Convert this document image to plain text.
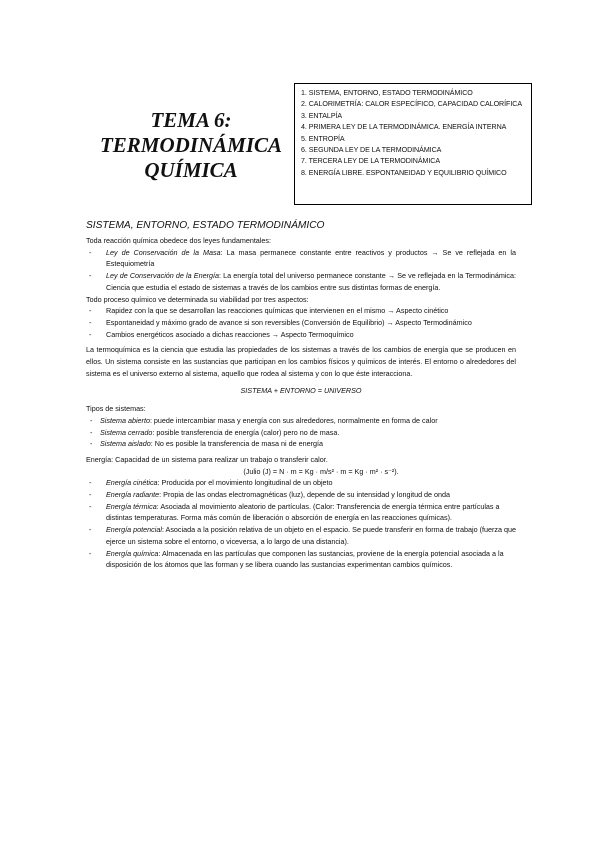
TEMA 6:
TERMODINÁMICA
QUÍMICA
1. SISTEMA, ENTORNO, ESTADO TERMODINÁMICO
2. CALORIMETRÍA: CALOR ESPECÍFICO, CAPACIDAD CALORÍFICA
3. ENTALPÍA
4. PRIMERA LEY DE LA TERMODINÁMICA. ENERGÍA INTERNA
5. ENTROPÍA
6. SEGUNDA LEY DE LA TERMODINÁMICA
7. TERCERA LEY DE LA TERMODINÁMICA
8. ENERGÍA LIBRE. ESPONTANEIDAD Y EQUILIBRIO QUÍMICO
SISTEMA, ENTORNO, ESTADO TERMODINÁMICO

Toda reacción química obedece dos leyes fundamentales:

- Ley de Conservación de la Masa: La masa permanece constante entre reactivos y productos → Se ve reflejada en la Estequiometría
- Ley de Conservación de la Energía: La energía total del universo permanece constante → Se ve reflejada en la Termodinámica: Ciencia que estudia el estado de sistemas a través de los cambios entre sus distintas formas de energía.

Todo proceso químico ve determinada su viabilidad por tres aspectos:

- Rapidez con la que se desarrollan las reacciones químicas que intervienen en el mismo → Aspecto cinético
- Espontaneidad y máximo grado de avance si son reversibles (Conversión de Equilibrio) → Aspecto Termodinámico
- Cambios energéticos asociado a dichas reacciones → Aspecto Termoquímico

La termoquímica es la ciencia que estudia las propiedades de los sistemas a través de los cambios de energía que se producen en ellos. Un sistema consiste en las sustancias que participan en los cambios físicos y químicos de interés. El entorno o alrededores del sistema es el universo externo al sistema, aquello que rodea al sistema y con lo que éste interacciona.

SISTEMA + ENTORNO = UNIVERSO

Tipos de sistemas:

- Sistema abierto: puede intercambiar masa y energía con sus alrededores, normalmente en forma de calor
- Sistema cerrado: posible transferencia de energía (calor) pero no de masa.
- Sistema aislado: No es posible la transferencia de masa ni de energía

Energía: Capacidad de un sistema para realizar un trabajo o transferir calor.

(Julio (J) = N · m = Kg · m/s² · m = Kg · m² · s⁻²).

- Energía cinética: Producida por el movimiento longitudinal de un objeto
- Energía radiante: Propia de las ondas electromagnéticas (luz), depende de su intensidad y longitud de onda
- Energía térmica: Asociada al movimiento aleatorio de partículas. (Calor: Transferencia de energía térmica entre partículas a distintas temperaturas. Forma más común de liberación o absorción de energía en las reacciones químicas).
- Energía potencial: Asociada a la posición relativa de un objeto en el espacio. Se puede transferir en forma de trabajo (fuerza que ejerce un sistema sobre el entorno, o viceversa, a lo largo de una distancia).
- Energía química: Almacenada en las partículas que componen las sustancias, proviene de la energía potencial asociada a la disposición de los átomos que las forman y se libera cuando las sustancias experimentan cambios químicos.
